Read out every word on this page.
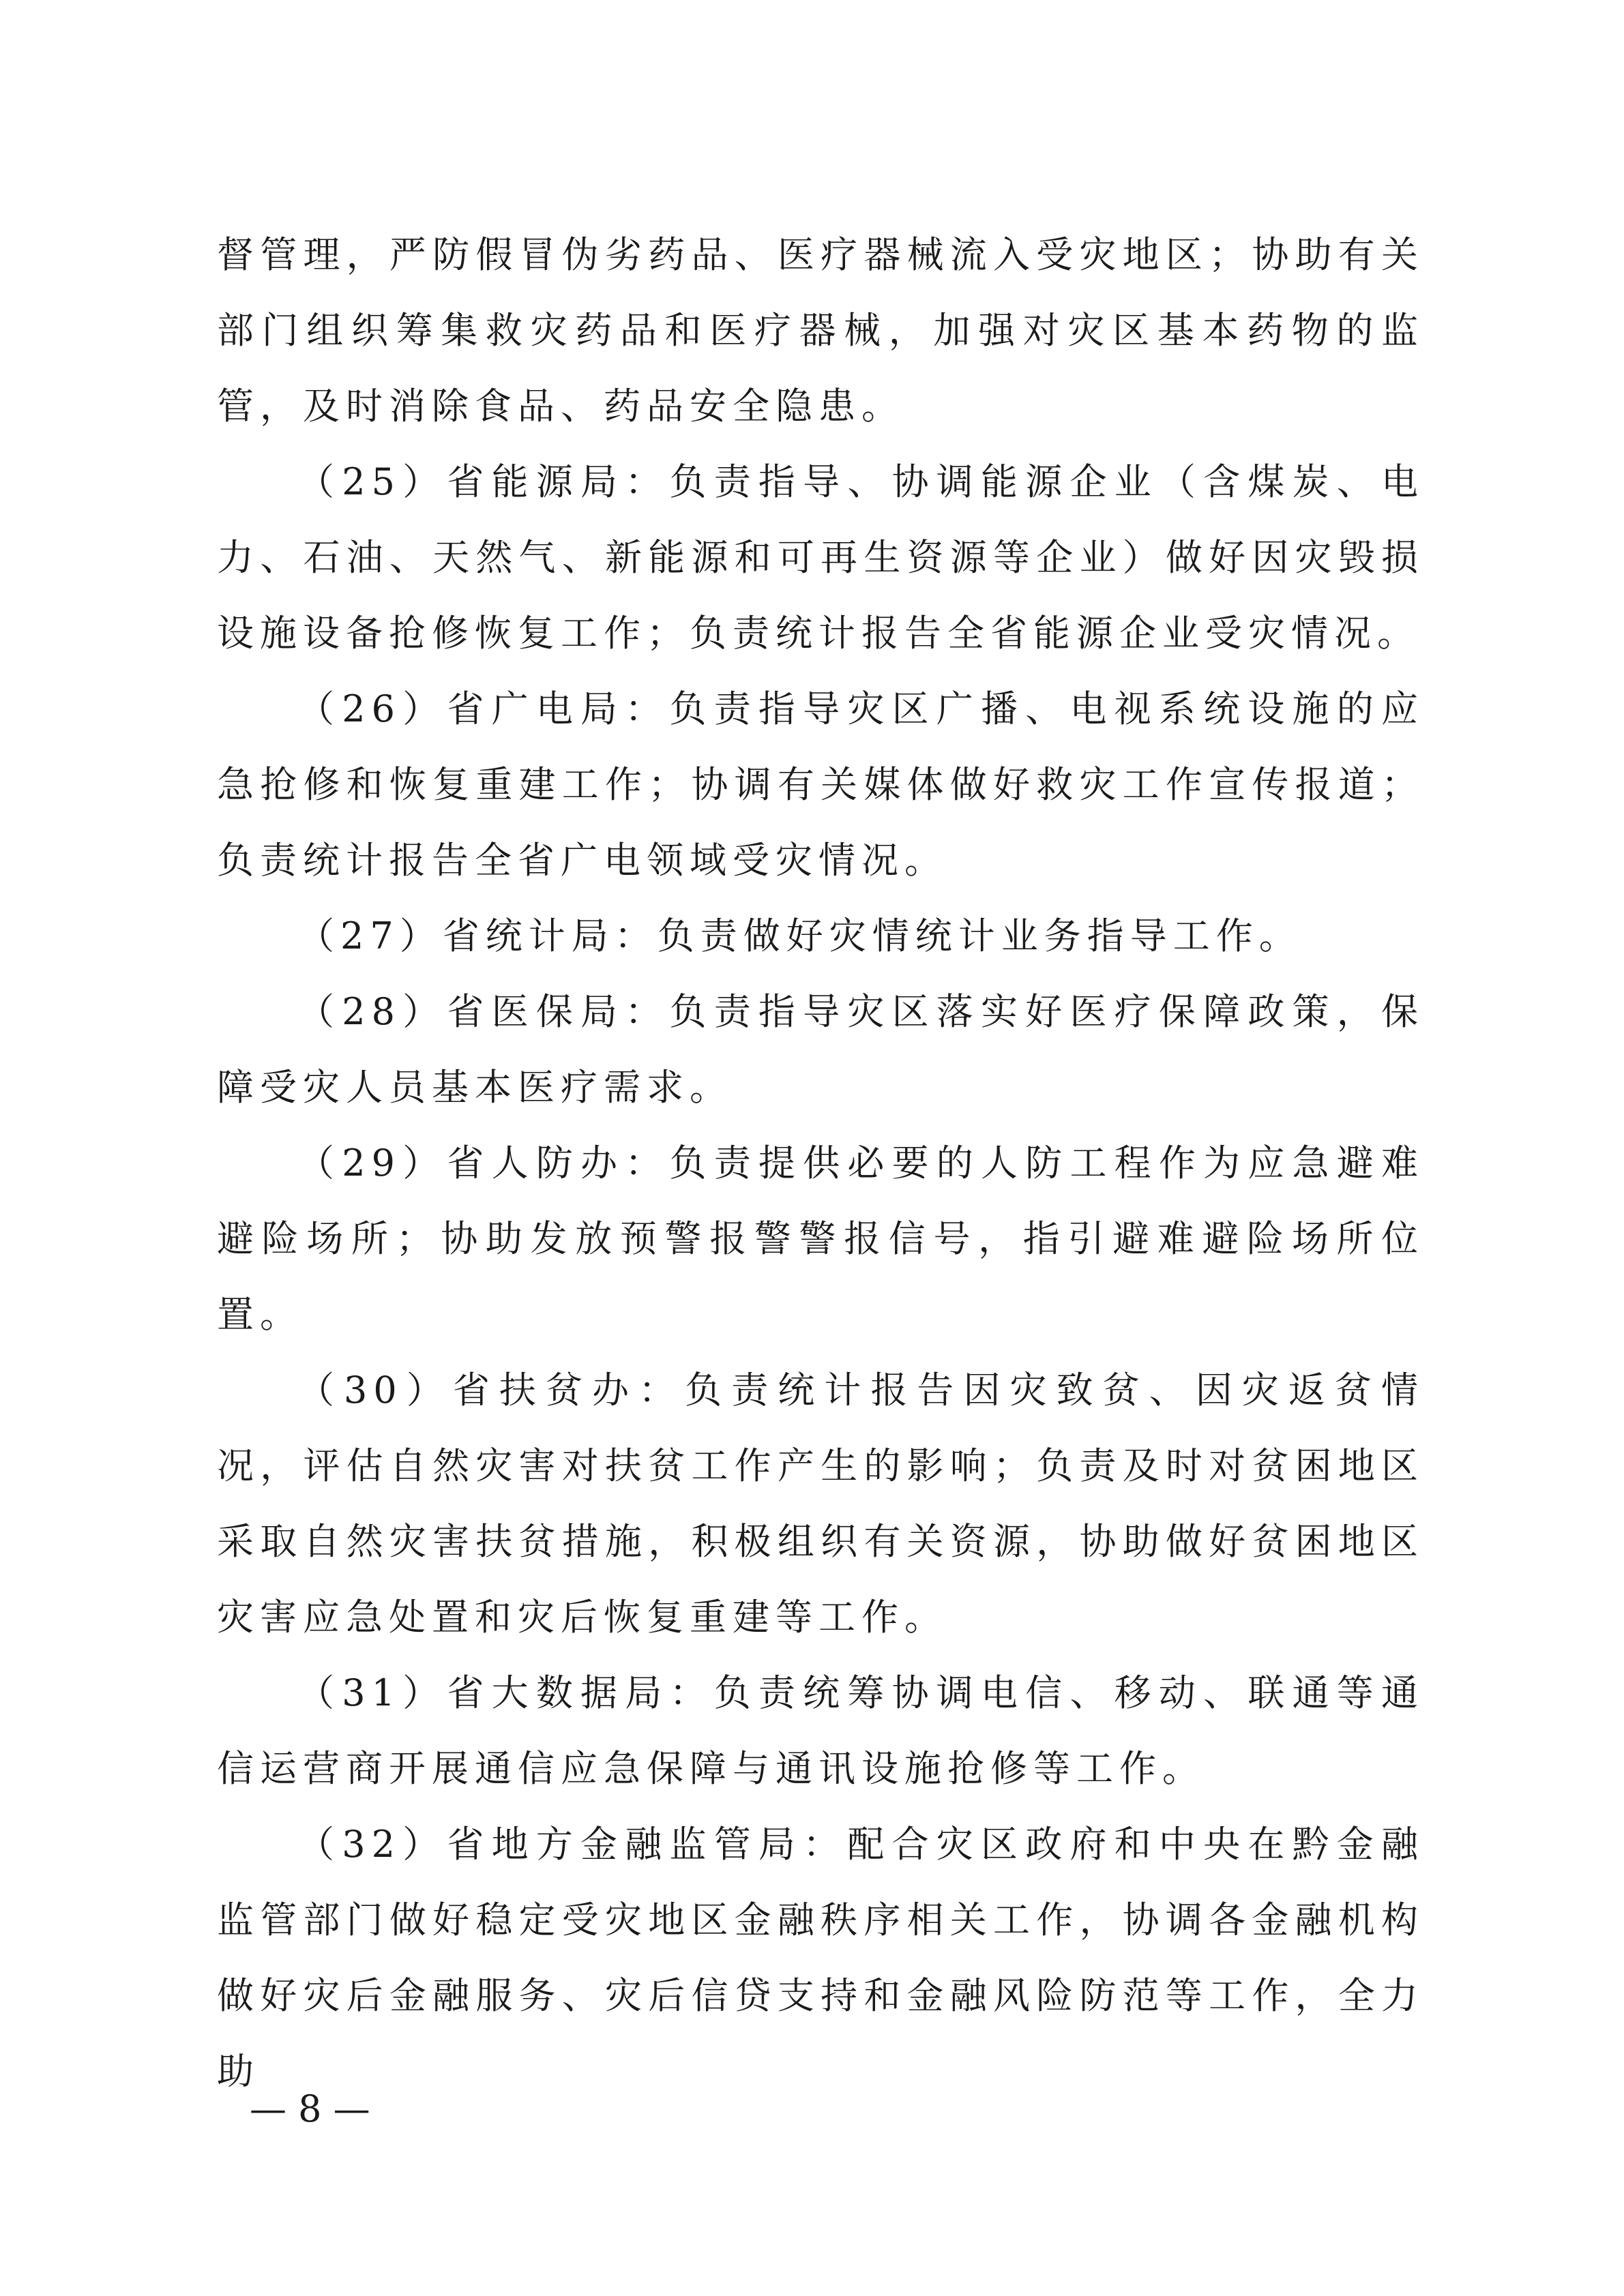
督管理，严防假冒伪劣药品、医疗器械流入受灾地区；协助有关部门组织筹集救灾药品和医疗器械，加强对灾区基本药物的监管，及时消除食品、药品安全隐患。

（25）省能源局：负责指导、协调能源企业（含煤炭、电力、石油、天然气、新能源和可再生资源等企业）做好因灾毁损设施设备抢修恢复工作；负责统计报告全省能源企业受灾情况。

（26）省广电局：负责指导灾区广播、电视系统设施的应急抢修和恢复重建工作；协调有关媒体做好救灾工作宣传报道；负责统计报告全省广电领域受灾情况。

（27）省统计局：负责做好灾情统计业务指导工作。

（28）省医保局：负责指导灾区落实好医疗保障政策，保障受灾人员基本医疗需求。

（29）省人防办：负责提供必要的人防工程作为应急避难避险场所；协助发放预警报警警报信号，指引避难避险场所位置。

（30）省扶贫办：负责统计报告因灾致贫、因灾返贫情况，评估自然灾害对扶贫工作产生的影响；负责及时对贫困地区采取自然灾害扶贫措施，积极组织有关资源，协助做好贫困地区灾害应急处置和灾后恢复重建等工作。

（31）省大数据局：负责统筹协调电信、移动、联通等通信运营商开展通信应急保障与通讯设施抢修等工作。

（32）省地方金融监管局：配合灾区政府和中央在黔金融监管部门做好稳定受灾地区金融秩序相关工作，协调各金融机构做好灾后金融服务、灾后信贷支持和金融风险防范等工作，全力助

— 8 —
